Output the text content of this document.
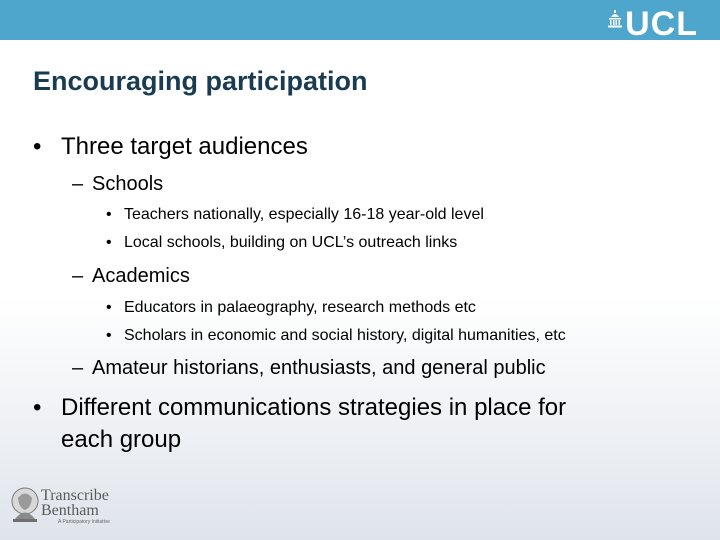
UCL
Encouraging participation
• Three target audiences
– Schools
• Teachers nationally, especially 16-18 year-old level
• Local schools, building on UCL’s outreach links
– Academics
• Educators in palaeography, research methods etc
• Scholars in economic and social history, digital humanities, etc
– Amateur historians, enthusiasts, and general public
• Different communications strategies in place for
each group
Transcribe
Bentham
A Participatory Initiative
